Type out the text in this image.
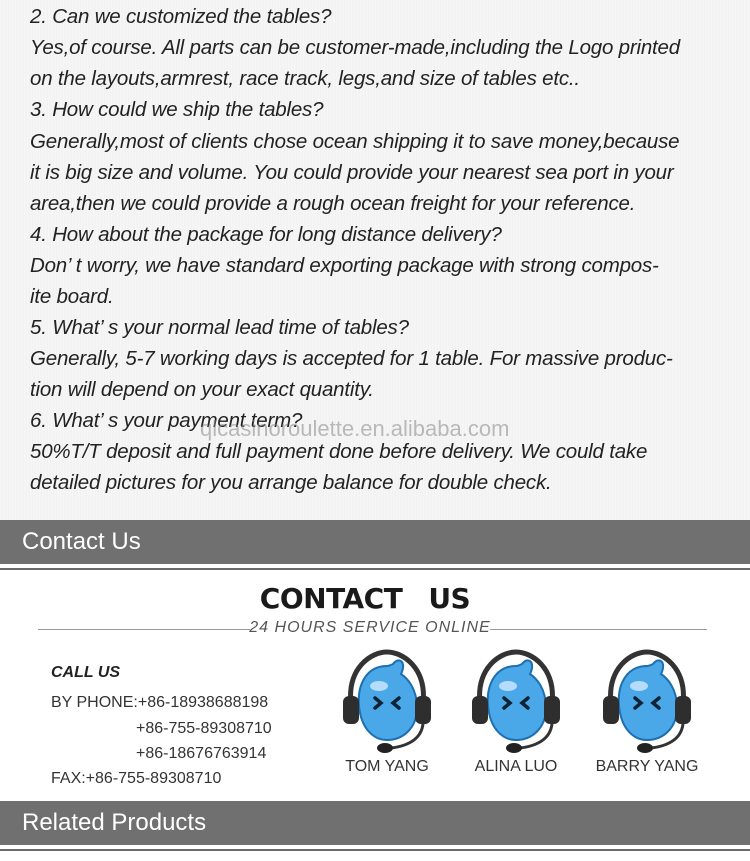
2. Can we customized the tables?
Yes,of course. All parts can be customer-made,including the Logo printed
on the layouts,armrest, race track, legs,and size of tables etc..
3. How could we ship the tables?
Generally,most of clients chose ocean shipping it to save money,because
it is big size and volume. You could provide your nearest sea port in your
area,then we could provide a rough ocean freight for your reference.
4. How about the package for long distance delivery?
Don’ t worry, we have standard exporting package with strong compos-
ite board.
5. What’ s your normal lead time of tables?
Generally, 5-7 working days is accepted for 1 table. For massive produc-
tion will depend on your exact quantity.
6. What’ s your payment term?
50%T/T deposit and full payment done before delivery. We could take
detailed pictures for you arrange balance for double check.
qlcasinoroulette.en.alibaba.com
Contact Us
CONTACT US
24 HOURS SERVICE ONLINE
CALL US
BY PHONE:+86-18938688198
+86-755-89308710
+86-18676763914
FAX:+86-755-89308710
TOM YANG	ALINA LUO	BARRY YANG
Related Products
